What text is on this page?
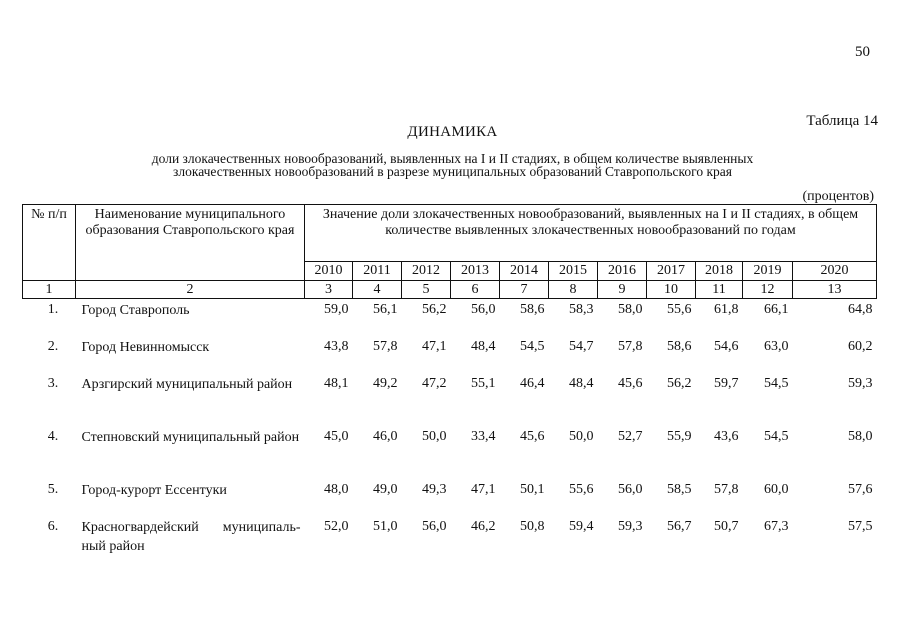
50
Таблица 14
ДИНАМИКА
доли злокачественных новообразований, выявленных на I и II стадиях, в общем количестве выявленных
злокачественных новообразований в разрезе муниципальных образований Ставропольского края
(процентов)
№ п/п	Наименование муниципального образования Ставропольского края	Значение доли злокачественных новообразований, выявленных на I и II стадиях, в общем количестве выявленных злокачественных новообразований по годам										
		2010	2011	2012	2013	2014	2015	2016	2017	2018	2019	2020
1	2	3	4	5	6	7	8	9	10	11	12	13
1.	Город Ставрополь	59,0	56,1	56,2	56,0	58,6	58,3	58,0	55,6	61,8	66,1	64,8
2.	Город Невинномысск	43,8	57,8	47,1	48,4	54,5	54,7	57,8	58,6	54,6	63,0	60,2
3.	Арзгирский муниципальный район	48,1	49,2	47,2	55,1	46,4	48,4	45,6	56,2	59,7	54,5	59,3
4.	Степновский муниципальный район	45,0	46,0	50,0	33,4	45,6	50,0	52,7	55,9	43,6	54,5	58,0
5.	Город-курорт Ессентуки	48,0	49,0	49,3	47,1	50,1	55,6	56,0	58,5	57,8	60,0	57,6
6.	Красногвардейский муниципаль-ный район	52,0	51,0	56,0	46,2	50,8	59,4	59,3	56,7	50,7	67,3	57,5
